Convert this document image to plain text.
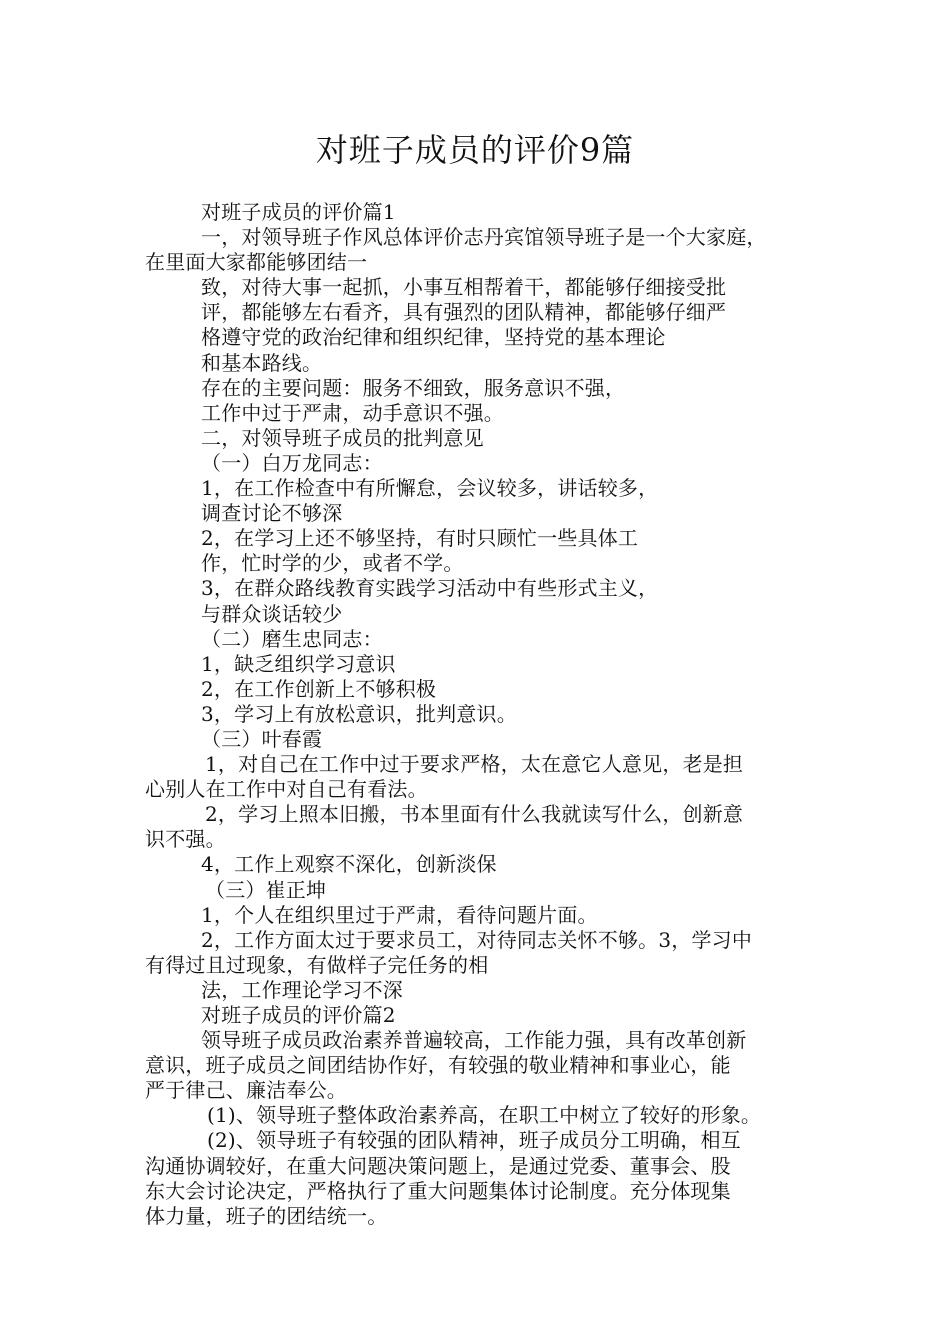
对班子成员的评价9篇
对班子成员的评价篇1
一，对领导班子作风总体评价志丹宾馆领导班子是一个大家庭，
在里面大家都能够团结一
致，对待大事一起抓，小事互相帮着干，都能够仔细接受批
评，都能够左右看齐，具有强烈的团队精神，都能够仔细严
格遵守党的政治纪律和组织纪律，坚持党的基本理论
和基本路线。
存在的主要问题：服务不细致，服务意识不强，
工作中过于严肃，动手意识不强。
二，对领导班子成员的批判意见
（一）白万龙同志：
1，在工作检查中有所懈怠，会议较多，讲话较多，
调查讨论不够深
2，在学习上还不够坚持，有时只顾忙一些具体工
作，忙时学的少，或者不学。
3，在群众路线教育实践学习活动中有些形式主义，
与群众谈话较少
（二）磨生忠同志：
1，缺乏组织学习意识
2，在工作创新上不够积极
3，学习上有放松意识，批判意识。
（三）叶春霞
1，对自己在工作中过于要求严格，太在意它人意见，老是担
心别人在工作中对自己有看法。
2，学习上照本旧搬，书本里面有什么我就读写什么，创新意
识不强。
4，工作上观察不深化，创新淡保
（三）崔正坤
1，个人在组织里过于严肃，看待问题片面。
2，工作方面太过于要求员工，对待同志关怀不够。3，学习中
有得过且过现象，有做样子完任务的相
法，工作理论学习不深
对班子成员的评价篇2
领导班子成员政治素养普遍较高，工作能力强，具有改革创新
意识，班子成员之间团结协作好，有较强的敬业精神和事业心，能
严于律己、廉洁奉公。
(1)、领导班子整体政治素养高，在职工中树立了较好的形象。
(2)、领导班子有较强的团队精神，班子成员分工明确，相互
沟通协调较好，在重大问题决策问题上，是通过党委、董事会、股
东大会讨论决定，严格执行了重大问题集体讨论制度。充分体现集
体力量，班子的团结统一。
